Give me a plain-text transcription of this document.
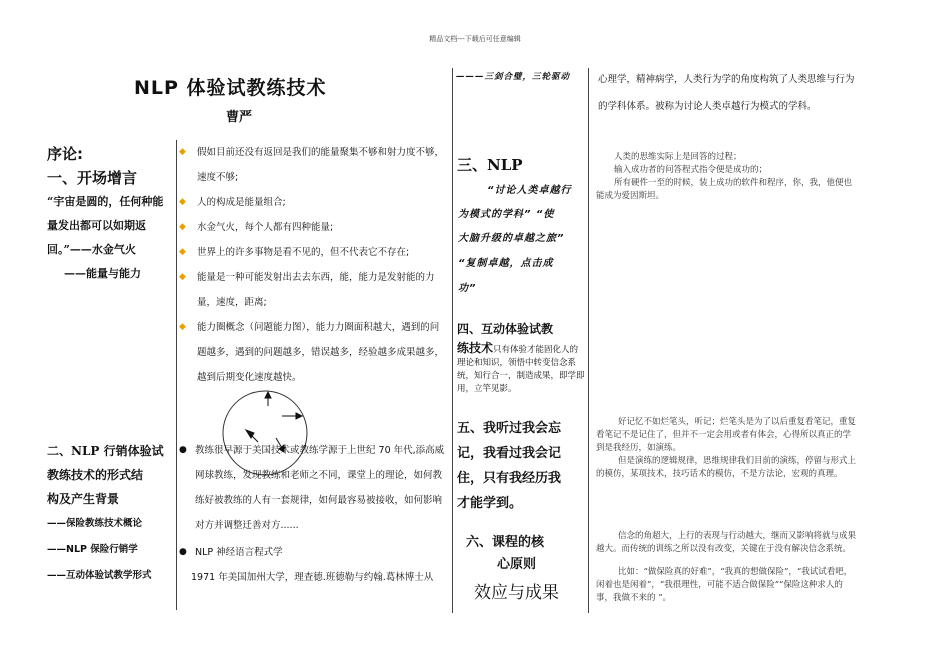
精品文档---下载后可任意编辑
NLP 体验试教练技术
曹严
序论:
一、开场增言
“宇宙是圆的，任何种能
量发出都可以如期返
回。”——水金气火
——能量与能力
二、NLP 行销体验试
教练技术的形式结
构及产生背景
——保险教练技术概论
——NLP 保险行销学
——互动体验试教学形式
◆ 假如目前还没有返回是我们的能量聚集不够和射力度不够，速度不够;
◆ 人的构成是能量组合;
◆ 水金气火，每个人都有四种能量;
◆ 世界上的许多事物是看不见的，但不代表它不存在;
◆ 能量是一种可能发射出去去东西，能，能力是发射能的力量，速度，距离;
◆ 能力圈概念（问题能力图），能力力圈面积越大，遇到的问题越多，遇到的问题越多，错误越多，经验越多成果越多，越到后期变化速度越快。
● 教练很早源于美国技术或教练学源于上世纪 70 年代,添高威网球教练，发现教练和老师之不同，课堂上的理论，如何教练好被教练的人有一套规律，如何最容易被接收，如何影响对方并调整迁善对方......
● NLP 神经语言程式学
1971 年美国加州大学，理查德.班德勒与约翰.葛林博士从
———三剑合璧，三轮驱动
三、NLP
“讨论人类卓越行
为模式的学科” “使
大脑升级的卓越之旅”
“复制卓越，点击成
功”
四、互动体验试教
练技术只有体验才能固化人的理论和知识，领悟中转变信念系统，知行合一，制造成果，即学即用，立竿见影。
五、我听过我会忘
记，我看过我会记
住，只有我经历我
才能学到。
六、课程的核
心原则
效应与成果
心理学，精神病学，人类行为学的角度构筑了人类思维与行为的学科体系。被称为讨论人类卓越行为模式的学科。
人类的思维实际上是回答的过程；
输入成功者的问答程式指令便是成功的；
所有硬件一至的时候，装上成功的软件和程序，你，我，他便也能成为爱因斯坦。
好记忆不如烂笔头，听记；烂笔头是为了以后重复看笔记，重复看笔记不是记住了，但并不一定会用或者有体会，心得所以真正的学到是我经历，如演练。
但是演练的逻辑规律，思维规律我们目前的演练，停留与形式上的模仿，某项技术，技巧话术的模仿，不是方法论，宏观的真理。
信念的角超大，上行的表现与行动越大，继而又影响将就与成果越大。而传统的训练之所以没有改变，关键在于没有解决信念系统。
比如：“做保险真的好难”，“我真的想做保险”，“我试试看吧，闲着也是闲着”，“我很理性，可能不适合做保险”“保险这种求人的事，我做不来的 ”。
